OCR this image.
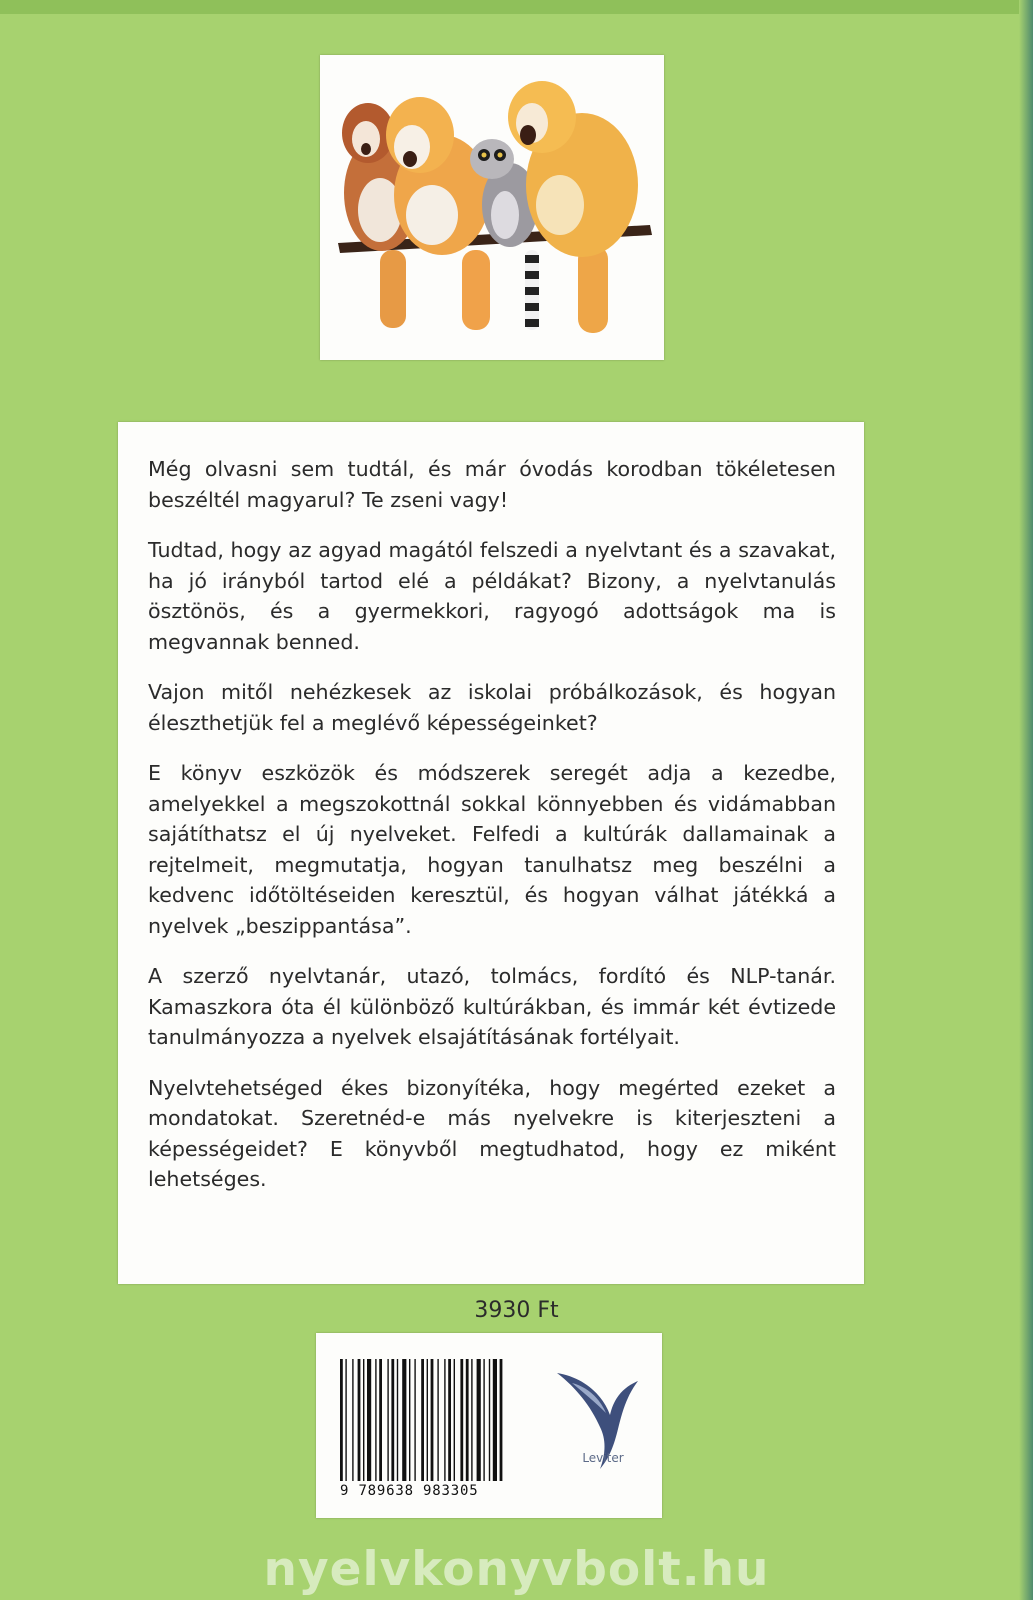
Még olvasni sem tudtál, és már óvodás korodban tökéletesen beszéltél magyarul? Te zseni vagy!

Tudtad, hogy az agyad magától felszedi a nyelvtant és a szavakat, ha jó irányból tartod elé a példákat? Bizony, a nyelvtanulás ösztönös, és a gyermekkori, ragyogó adottságok ma is megvannak benned.

Vajon mitől nehézkesek az iskolai próbálkozások, és hogyan éleszthetjük fel a meglévő képességeinket?

E könyv eszközök és módszerek seregét adja a kezedbe, amelyekkel a megszokottnál sokkal könnyebben és vidámabban sajátíthatsz el új nyelveket. Felfedi a kultúrák dallamainak a rejtelmeit, megmutatja, hogyan tanulhatsz meg beszélni a kedvenc időtöltéseiden keresztül, és hogyan válhat játékká a nyelvek „beszippantása”.

A szerző nyelvtanár, utazó, tolmács, fordító és NLP-tanár. Kamaszkora óta él különböző kultúrákban, és immár két évtizede tanulmányozza a nyelvek elsajátításának fortélyait.

Nyelvtehetséged ékes bizonyítéka, hogy megérted ezeket a mondatokat. Szeretnéd-e más nyelvekre is kiterjeszteni a képességeidet? E könyvből megtudhatod, hogy ez miként lehetséges.

3930 Ft
9 789638 983305
Leviter
nyelvkonyvbolt.hu
